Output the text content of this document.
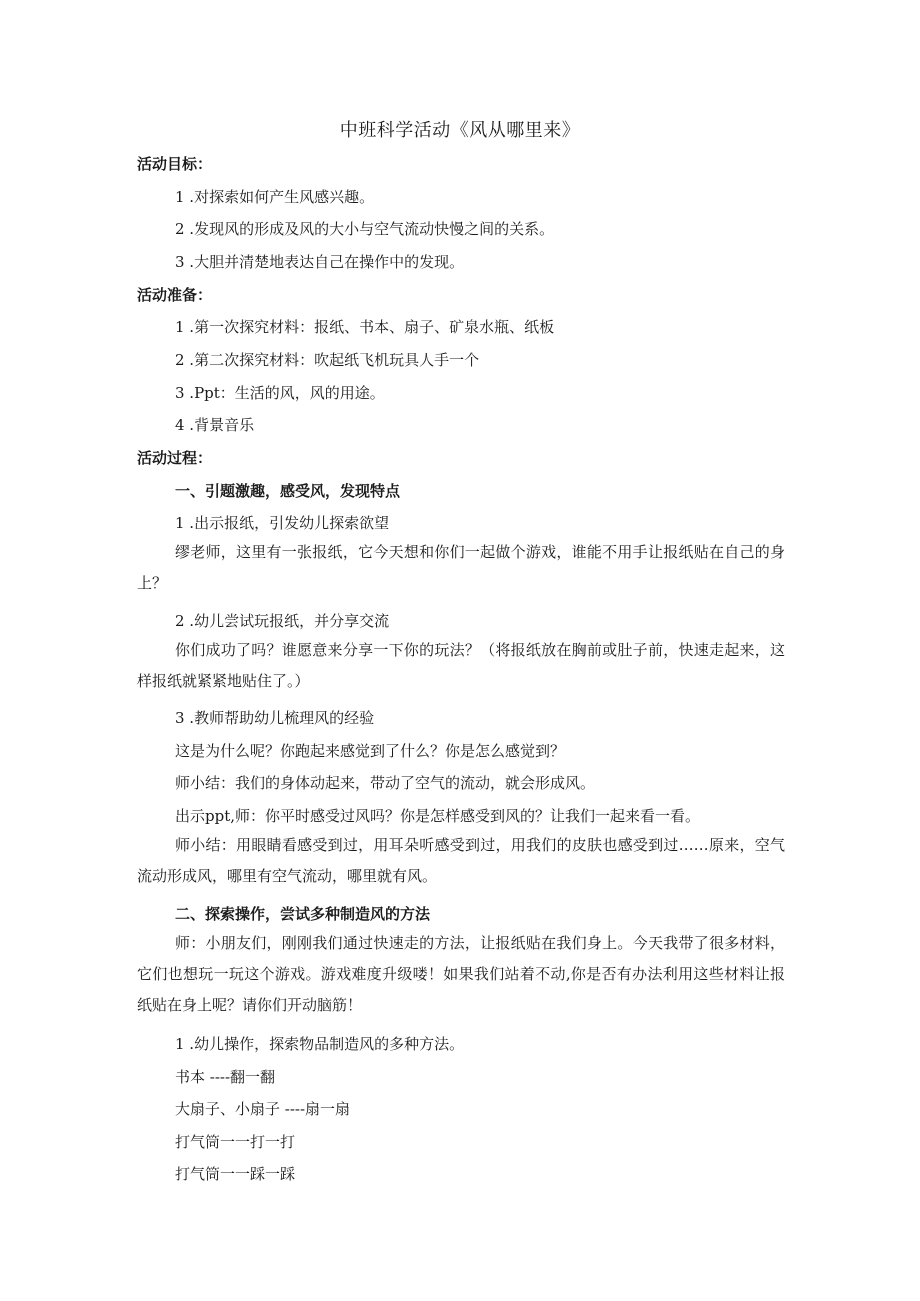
中班科学活动《风从哪里来》
活动目标：
1 .对探索如何产生风感兴趣。
2 .发现风的形成及风的大小与空气流动快慢之间的关系。
3 .大胆并清楚地表达自己在操作中的发现。
活动准备：
1 .第一次探究材料：报纸、书本、扇子、矿泉水瓶、纸板
2 .第二次探究材料：吹起纸飞机玩具人手一个
3 .Ppt：生活的风，风的用途。
4 .背景音乐
活动过程：
一、引题激趣，感受风，发现特点
1 .出示报纸，引发幼儿探索欲望
缪老师，这里有一张报纸，它今天想和你们一起做个游戏，谁能不用手让报纸贴在自己的身上？
2 .幼儿尝试玩报纸，并分享交流
你们成功了吗？谁愿意来分享一下你的玩法？（将报纸放在胸前或肚子前，快速走起来，这样报纸就紧紧地贴住了。）
3 .教师帮助幼儿梳理风的经验
这是为什么呢？你跑起来感觉到了什么？你是怎么感觉到？
师小结：我们的身体动起来，带动了空气的流动，就会形成风。
出示ppt,师：你平时感受过风吗？你是怎样感受到风的？让我们一起来看一看。
师小结：用眼睛看感受到过，用耳朵听感受到过，用我们的皮肤也感受到过……原来，空气流动形成风，哪里有空气流动，哪里就有风。
二、探索操作，尝试多种制造风的方法
师：小朋友们，刚刚我们通过快速走的方法，让报纸贴在我们身上。今天我带了很多材料，它们也想玩一玩这个游戏。游戏难度升级喽！如果我们站着不动,你是否有办法利用这些材料让报纸贴在身上呢？请你们开动脑筋！
1 .幼儿操作，探索物品制造风的多种方法。
书本 ----翻一翻
大扇子、小扇子 ----扇一扇
打气筒一一打一打
打气筒一一踩一踩
